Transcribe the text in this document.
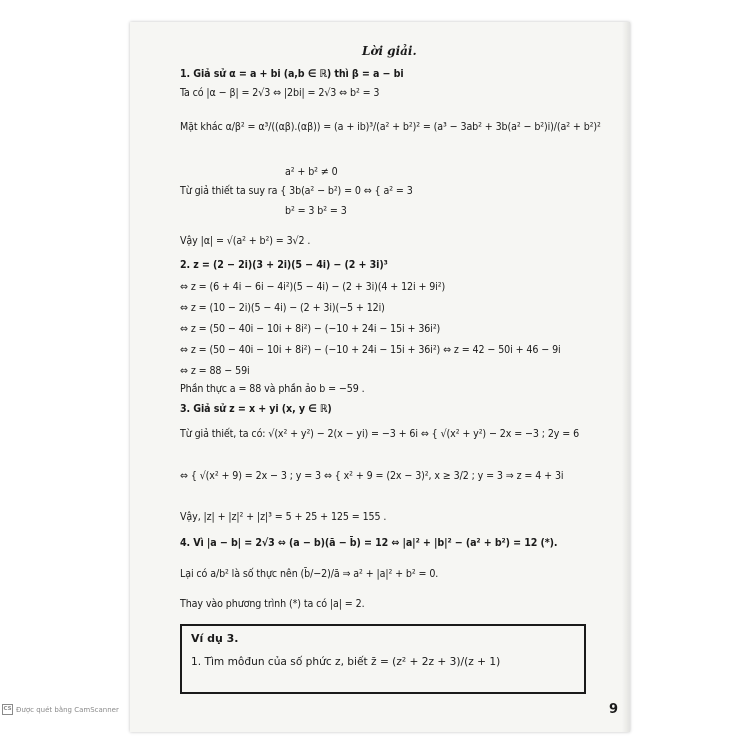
Lời giải.

1. Giả sử α = a + bi (a,b ∈ ℝ) thì β = a − bi

Ta có |α − β| = 2√3 ⇔ |2bi| = 2√3 ⇔ b² = 3

Mặt khác α/β² = α³/((αβ).(αβ)) = (a + ib)³/(a² + b²)² = (a³ − 3ab² + 3b(a² − b²)i)/(a² + b²)²

a² + b² ≠ 0

Từ giả thiết ta suy ra { 3b(a² − b²) = 0 ⇔ { a² = 3

b² = 3 b² = 3

Vậy |α| = √(a² + b²) = 3√2 .

2. z = (2 − 2i)(3 + 2i)(5 − 4i) − (2 + 3i)³

⇔ z = (6 + 4i − 6i − 4i²)(5 − 4i) − (2 + 3i)(4 + 12i + 9i²)

⇔ z = (10 − 2i)(5 − 4i) − (2 + 3i)(−5 + 12i)

⇔ z = (50 − 40i − 10i + 8i²) − (−10 + 24i − 15i + 36i²)

⇔ z = (50 − 40i − 10i + 8i²) − (−10 + 24i − 15i + 36i²) ⇔ z = 42 − 50i + 46 − 9i

⇔ z = 88 − 59i

Phần thực a = 88 và phần ảo b = −59 .

3. Giả sử z = x + yi (x, y ∈ ℝ)

Từ giả thiết, ta có: √(x² + y²) − 2(x − yi) = −3 + 6i ⇔ { √(x² + y²) − 2x = −3 ; 2y = 6

⇔ { √(x² + 9) = 2x − 3 ; y = 3 ⇔ { x² + 9 = (2x − 3)², x ≥ 3/2 ; y = 3 ⇒ z = 4 + 3i

Vậy, |z| + |z|² + |z|³ = 5 + 25 + 125 = 155 .

4. Vì |a − b| = 2√3 ⇔ (a − b)(ā − b̄) = 12 ⇔ |a|² + |b|² − (a² + b²) = 12 (*).

Lại có a/b² là số thực nên (b̄/−2)/ā ⇒ a² + |a|² + b² = 0.

Thay vào phương trình (*) ta có |a| = 2.

Ví dụ 3.
1. Tìm môđun của số phức z, biết z̄ = (z² + 2z + 3)/(z + 1)
9
CS Được quét bằng CamScanner
